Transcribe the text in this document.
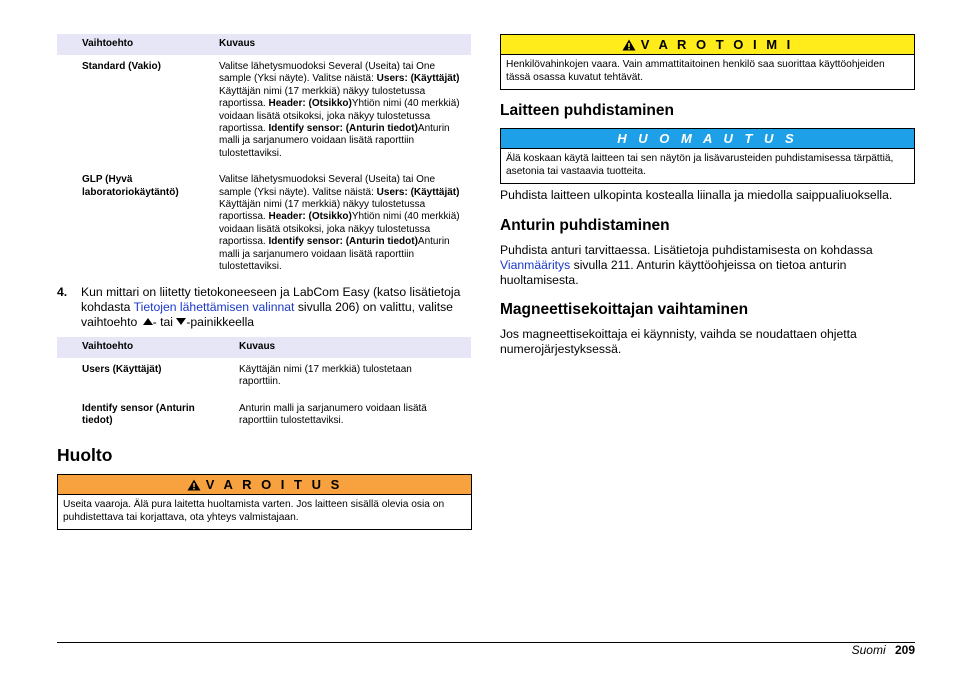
Vaihtoehto	Kuvaus
Standard (Vakio)	Valitse lähetysmuodoksi Several (Useita) tai One sample (Yksi näyte). Valitse näistä: Users: (Käyttäjät) Käyttäjän nimi (17 merkkiä) näkyy tulostetussa raportissa. Header: (Otsikko)Yhtiön nimi (40 merkkiä) voidaan lisätä otsikoksi, joka näkyy tulostetussa raportissa. Identify sensor: (Anturin tiedot)Anturin malli ja sarjanumero voidaan lisätä raporttiin tulostettaviksi.
GLP (Hyvä laboratoriokäytäntö)	Valitse lähetysmuodoksi Several (Useita) tai One sample (Yksi näyte). Valitse näistä: Users: (Käyttäjät) Käyttäjän nimi (17 merkkiä) näkyy tulostetussa raportissa. Header: (Otsikko)Yhtiön nimi (40 merkkiä) voidaan lisätä otsikoksi, joka näkyy tulostetussa raportissa. Identify sensor: (Anturin tiedot)Anturin malli ja sarjanumero voidaan lisätä raporttiin tulostettaviksi.
4. Kun mittari on liitetty tietokoneeseen ja LabCom Easy (katso lisätietoja kohdasta Tietojen lähettämisen valinnat sivulla 206) on valittu, valitse vaihtoehto - tai -painikkeella
Vaihtoehto	Kuvaus
Users (Käyttäjät)	Käyttäjän nimi (17 merkkiä) tulostetaan raporttiin.
Identify sensor (Anturin tiedot)	Anturin malli ja sarjanumero voidaan lisätä raporttiin tulostettaviksi.
Huolto
V A R O I T U S
Useita vaaroja. Älä pura laitetta huoltamista varten. Jos laitteen sisällä olevia osia on puhdistettava tai korjattava, ota yhteys valmistajaan.
V A R O T O I M I
Henkilövahinkojen vaara. Vain ammattitaitoinen henkilö saa suorittaa käyttöohjeiden tässä osassa kuvatut tehtävät.
Laitteen puhdistaminen
H U O M A U T U S
Älä koskaan käytä laitteen tai sen näytön ja lisävarusteiden puhdistamisessa tärpättiä, asetonia tai vastaavia tuotteita.
Puhdista laitteen ulkopinta kostealla liinalla ja miedolla saippualiuoksella.
Anturin puhdistaminen
Puhdista anturi tarvittaessa. Lisätietoja puhdistamisesta on kohdassa Vianmääritys sivulla 211. Anturin käyttöohjeissa on tietoa anturin huoltamisesta.
Magneettisekoittajan vaihtaminen
Jos magneettisekoittaja ei käynnisty, vaihda se noudattaen ohjetta numerojärjestyksessä.
Suomi 209
